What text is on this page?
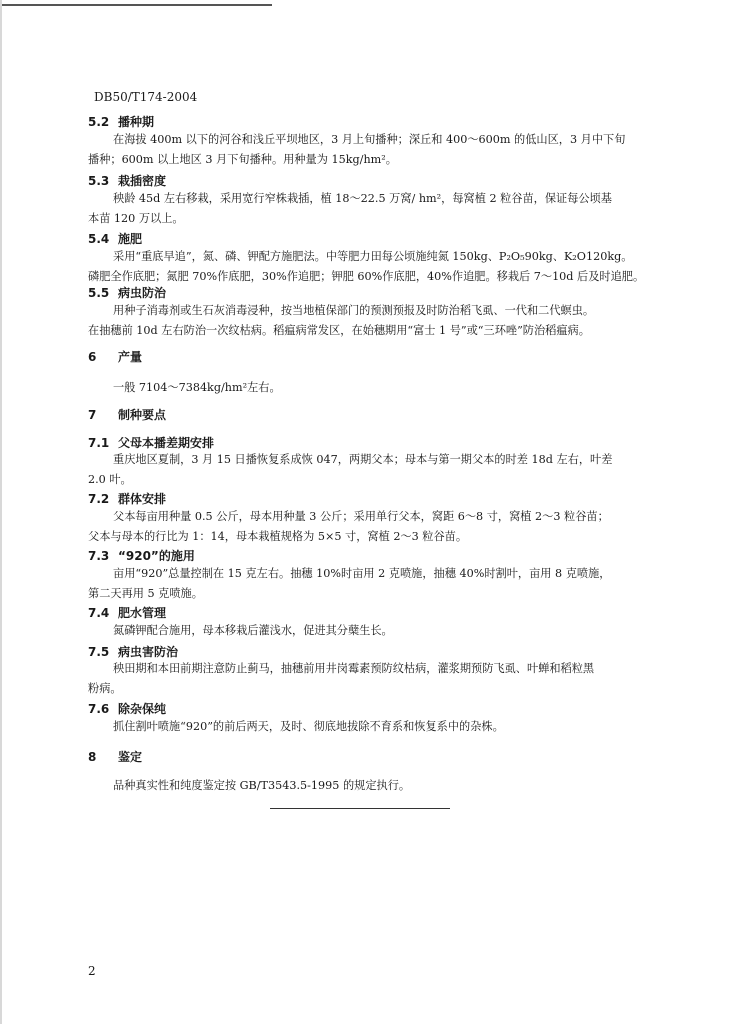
DB50/T174-2004
5.2 播种期
在海拔 400m 以下的河谷和浅丘平坝地区，3 月上旬播种；深丘和 400～600m 的低山区，3 月中下旬
播种；600m 以上地区 3 月下旬播种。用种量为 15kg/hm²。
5.3 栽插密度
秧龄 45d 左右移栽，采用宽行窄株栽插，植 18～22.5 万窝/ hm²，每窝植 2 粒谷苗，保证每公顷基
本苗 120 万以上。
5.4 施肥
采用“重底早追”，氮、磷、钾配方施肥法。中等肥力田每公顷施纯氮 150kg、P₂O₅90kg、K₂O120kg。
磷肥全作底肥；氮肥 70%作底肥，30%作追肥；钾肥 60%作底肥，40%作追肥。移栽后 7～10d 后及时追肥。
5.5 病虫防治
用种子消毒剂或生石灰消毒浸种，按当地植保部门的预测预报及时防治稻飞虱、一代和二代螟虫。
在抽穗前 10d 左右防治一次纹枯病。稻瘟病常发区，在始穗期用“富士 1 号”或“三环唑”防治稻瘟病。
6 产量
一般 7104～7384kg/hm²左右。
7 制种要点
7.1 父母本播差期安排
重庆地区夏制，3 月 15 日播恢复系成恢 047，两期父本；母本与第一期父本的时差 18d 左右，叶差
2.0 叶。
7.2 群体安排
父本每亩用种量 0.5 公斤，母本用种量 3 公斤；采用单行父本，窝距 6～8 寸，窝植 2～3 粒谷苗；
父本与母本的行比为 1：14，母本栽植规格为 5×5 寸，窝植 2～3 粒谷苗。
7.3 “920”的施用
亩用“920”总量控制在 15 克左右。抽穗 10%时亩用 2 克喷施，抽穗 40%时割叶，亩用 8 克喷施，
第二天再用 5 克喷施。
7.4 肥水管理
氮磷钾配合施用，母本移栽后灌浅水，促进其分蘖生长。
7.5 病虫害防治
秧田期和本田前期注意防止蓟马，抽穗前用井岗霉素预防纹枯病，灌浆期预防飞虱、叶蝉和稻粒黑
粉病。
7.6 除杂保纯
抓住割叶喷施“920”的前后两天，及时、彻底地拔除不育系和恢复系中的杂株。
8 鉴定
品种真实性和纯度鉴定按 GB/T3543.5-1995 的规定执行。
2
